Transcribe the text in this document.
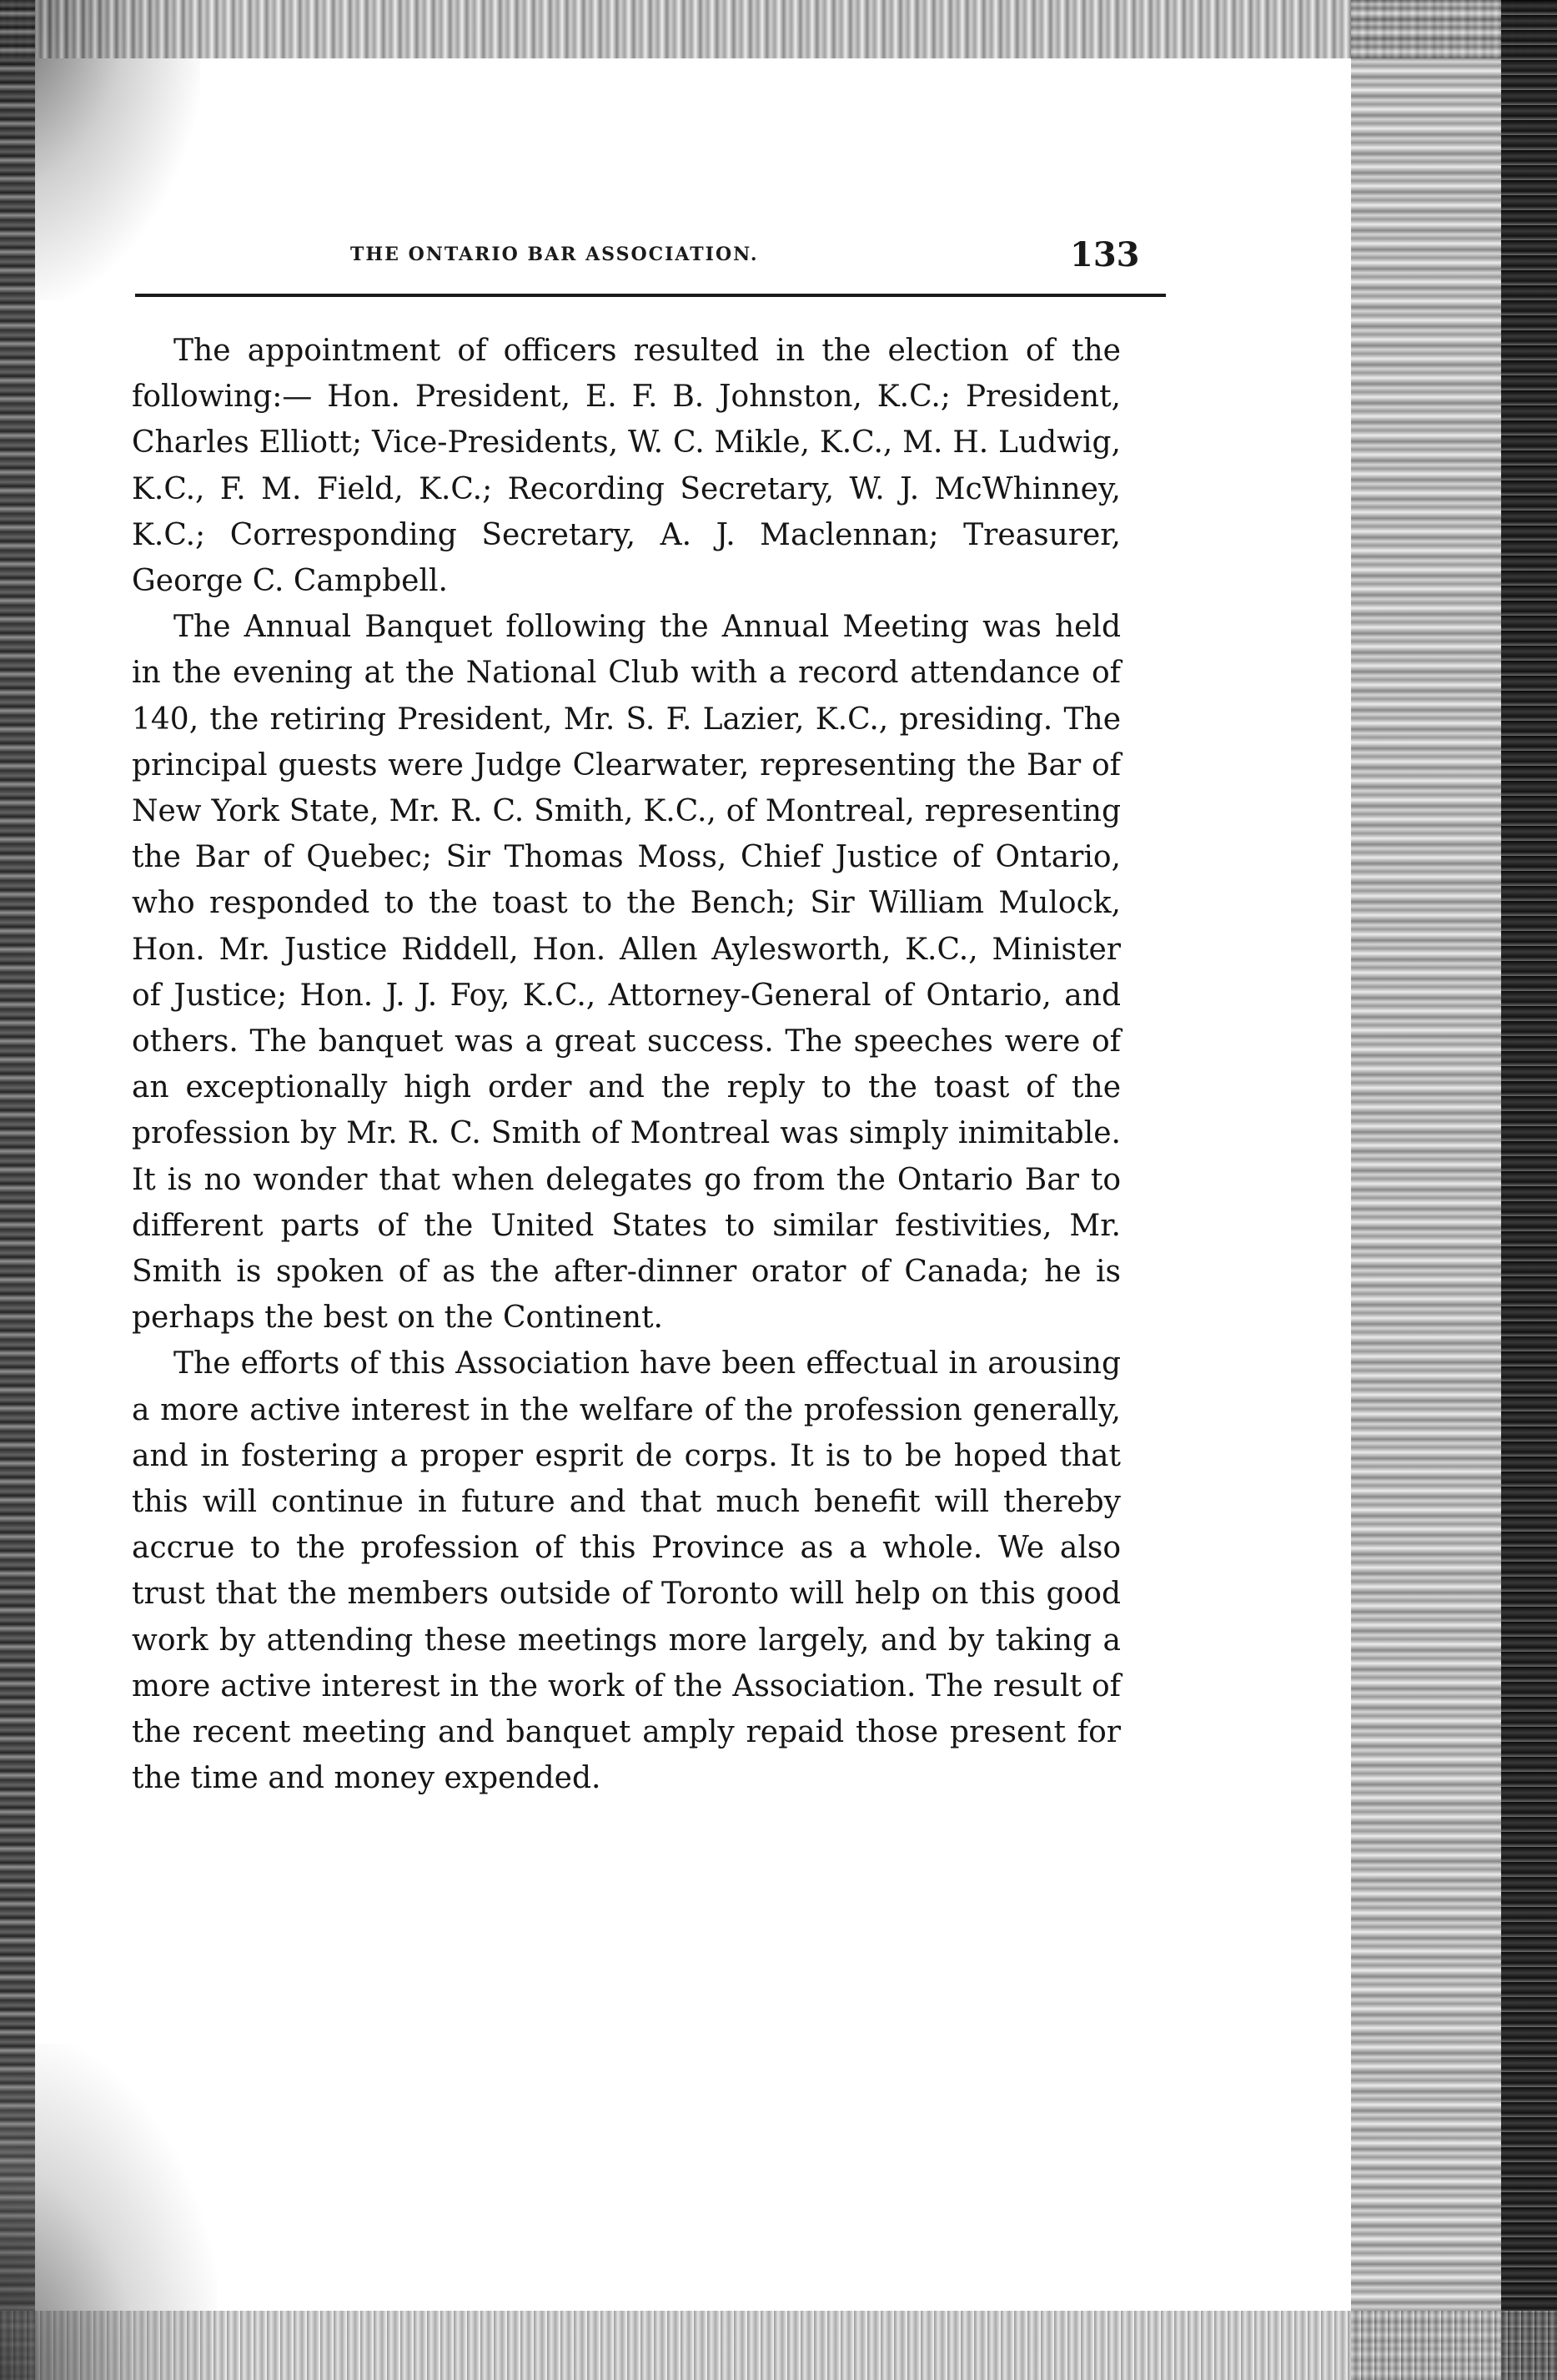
THE ONTARIO BAR ASSOCIATION.	133

The appointment of officers resulted in the election of the following:— Hon. President, E. F. B. Johnston, K.C.; President, Charles Elliott; Vice-Presidents, W. C. Mikle, K.C., M. H. Ludwig, K.C., F. M. Field, K.C.; Recording Secretary, W. J. McWhinney, K.C.; Corresponding Secretary, A. J. Maclennan; Treasurer, George C. Campbell.

The Annual Banquet following the Annual Meeting was held in the evening at the National Club with a record attendance of 140, the retiring President, Mr. S. F. Lazier, K.C., presiding. The principal guests were Judge Clearwater, representing the Bar of New York State, Mr. R. C. Smith, K.C., of Montreal, representing the Bar of Quebec; Sir Thomas Moss, Chief Justice of Ontario, who responded to the toast to the Bench; Sir William Mulock, Hon. Mr. Justice Riddell, Hon. Allen Aylesworth, K.C., Minister of Justice; Hon. J. J. Foy, K.C., Attorney-General of Ontario, and others. The banquet was a great success. The speeches were of an exceptionally high order and the reply to the toast of the profession by Mr. R. C. Smith of Montreal was simply inimitable. It is no wonder that when delegates go from the Ontario Bar to different parts of the United States to similar festivities, Mr. Smith is spoken of as the after-dinner orator of Canada; he is perhaps the best on the Continent.

The efforts of this Association have been effectual in arousing a more active interest in the welfare of the profession generally, and in fostering a proper esprit de corps. It is to be hoped that this will continue in future and that much benefit will thereby accrue to the profession of this Province as a whole. We also trust that the members outside of Toronto will help on this good work by attending these meetings more largely, and by taking a more active interest in the work of the Association. The result of the recent meeting and banquet amply repaid those present for the time and money expended.
